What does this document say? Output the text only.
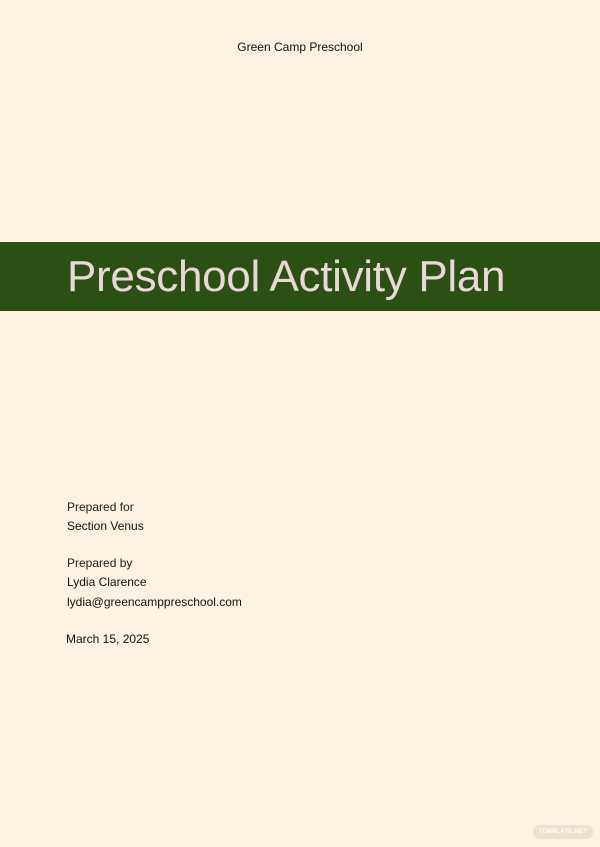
Green Camp Preschool
Preschool Activity Plan
Prepared for
Section Venus
Prepared by
Lydia Clarence
lydia@greencamppreschool.com
March 15, 2025
TEMPLATE.NET
